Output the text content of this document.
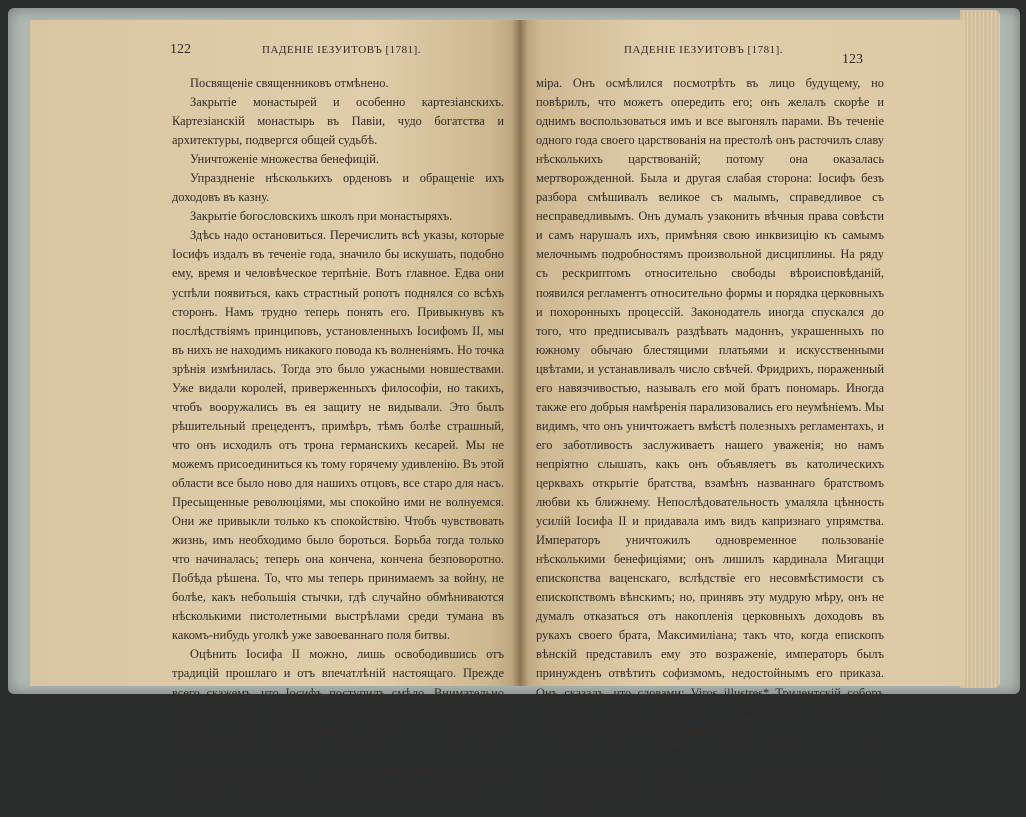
122	ПАДЕНІЕ ІЕЗУИТОВЪ [1781].

Посвященіе священниковъ отмѣнено.

Закрытіе монастырей и особенно картезіанскихъ. Картезіанскій монастырь въ Павіи, чудо богатства и архитектуры, подвергся общей судьбѣ.

Уничтоженіе множества бенефицій.

Упраздненіе нѣсколькихъ орденовъ и обращеніе ихъ доходовъ въ казну.

Закрытіе богословскихъ школъ при монастыряхъ.

Здѣсь надо остановиться. Перечислить всѣ указы, которые Іосифъ издалъ въ теченіе года, значило бы искушать, подобно ему, время и человѣческое терпѣніе. Вотъ главное. Едва они успѣли появиться, какъ страстный ропотъ поднялся со всѣхъ сторонъ. Намъ трудно теперь понять его. Привыкнувъ къ послѣдствіямъ принциповъ, установленныхъ Іосифомъ II, мы въ нихъ не находимъ никакого повода къ волненіямъ. Но точка зрѣнія измѣнилась. Тогда это было ужасными новшествами. Уже видали королей, приверженныхъ философіи, но такихъ, чтобъ вооружались въ ея защиту не видывали. Это былъ рѣшительный прецедентъ, примѣръ, тѣмъ болѣе страшный, что онъ исходилъ отъ трона германскихъ кесарей. Мы не можемъ присоединиться къ тому горячему удивленію. Въ этой области все было ново для нашихъ отцовъ, все старо для насъ. Пресыщенные революціями, мы спокойно ими не волнуемся. Они же привыкли только къ спокойствію. Чтобъ чувствовать жизнь, имъ необходимо было бороться. Борьба тогда только что начиналась; теперь она кончена, кончена безповоротно. Побѣда рѣшена. То, что мы теперь принимаемъ за войну, не болѣе, какъ небольшія стычки, гдѣ случайно обмѣниваются нѣсколькими пистолетными выстрѣлами среди тумана въ какомъ-нибудь уголкѣ уже завоеваннаго поля битвы.

Оцѣнить Іосифа II можно, лишь освободившись отъ традицій прошлаго и отъ впечатлѣній настоящаго. Прежде всего скажемъ, что Іосифъ поступилъ смѣло. Внимательно разсматривая его принципы при религіозной реформѣ, надо признать его справедливымъ, законно и правильно дѣйствующимъ. Первый изъ государей Іосифъ не отступилъ передъ идеями, которыя, по естественному праву и по своей сущности, составляютъ теперь общественное право всего

ПАДЕНІЕ ІЕЗУИТОВЪ [1781].
123

міра. Онъ осмѣлился посмотрѣть въ лицо будущему, но повѣрилъ, что можетъ опередить его; онъ желалъ скорѣе и однимъ воспользоваться имъ и все выгонялъ парами. Въ теченіе одного года своего царствованія на престолѣ онъ расточилъ славу нѣсколькихъ царствованій; потому она оказалась мертворожденной. Была и другая слабая сторона: Іосифъ безъ разбора смѣшивалъ великое съ малымъ, справедливое съ несправедливымъ. Онъ думалъ узаконить вѣчныя права совѣсти и самъ нарушалъ ихъ, примѣняя свою инквизицію къ самымъ мелочнымъ подробностямъ произвольной дисциплины. На ряду съ рескриптомъ относительно свободы вѣроисповѣданій, появился регламентъ относительно формы и порядка церковныхъ и похоронныхъ процессій. Законодатель иногда спускался до того, что предписывалъ раздѣвать мадоннъ, украшенныхъ по южному обычаю блестящими платьями и искусственными цвѣтами, и устанавливалъ число свѣчей. Фридрихъ, пораженный его навязчивостью, называлъ его мой братъ пономарь. Иногда также его добрыя намѣренія парализовались его неумѣніемъ. Мы видимъ, что онъ уничтожаетъ вмѣстѣ полезныхъ регламентахъ, и его заботливость заслуживаетъ нашего уваженія; но намъ непріятно слышать, какъ онъ объявляетъ въ католическихъ церквахъ открытіе братства, взамѣнъ названнаго братствомъ любви къ ближнему. Непослѣдовательность умаляла цѣнность усилій Іосифа II и придавала имъ видъ капризнаго упрямства. Императоръ уничтожилъ одновременное пользованіе нѣсколькими бенефиціями; онъ лишилъ кардинала Мигацци епископства ваценскаго, вслѣдствіе его несовмѣстимости съ епископствомъ вѣнскимъ; но, принявъ эту мудрую мѣру, онъ не думалъ отказаться отъ накопленія церковныхъ доходовъ въ рукахъ своего брата, Максимиліана; такъ что, когда епископъ вѣнскій представилъ ему это возраженіе, императоръ былъ принужденъ отвѣтить софизмомъ, недостойнымъ его приказа. Онъ сказалъ, что словами: Viros illustres* Тридентскій соборъ допустилъ, какъ исключеніе, совмѣстность нѣсколькихъ бенефицій въ рукахъ королевскихъ дѣтей.

Таковы были церковныя реформы Іосифа II; мы ихъ представили сразу, потому что онѣ предшествовали всѣмъ новшествамъ этого государя, который, часто къ стыду своему, а иногда и къ
